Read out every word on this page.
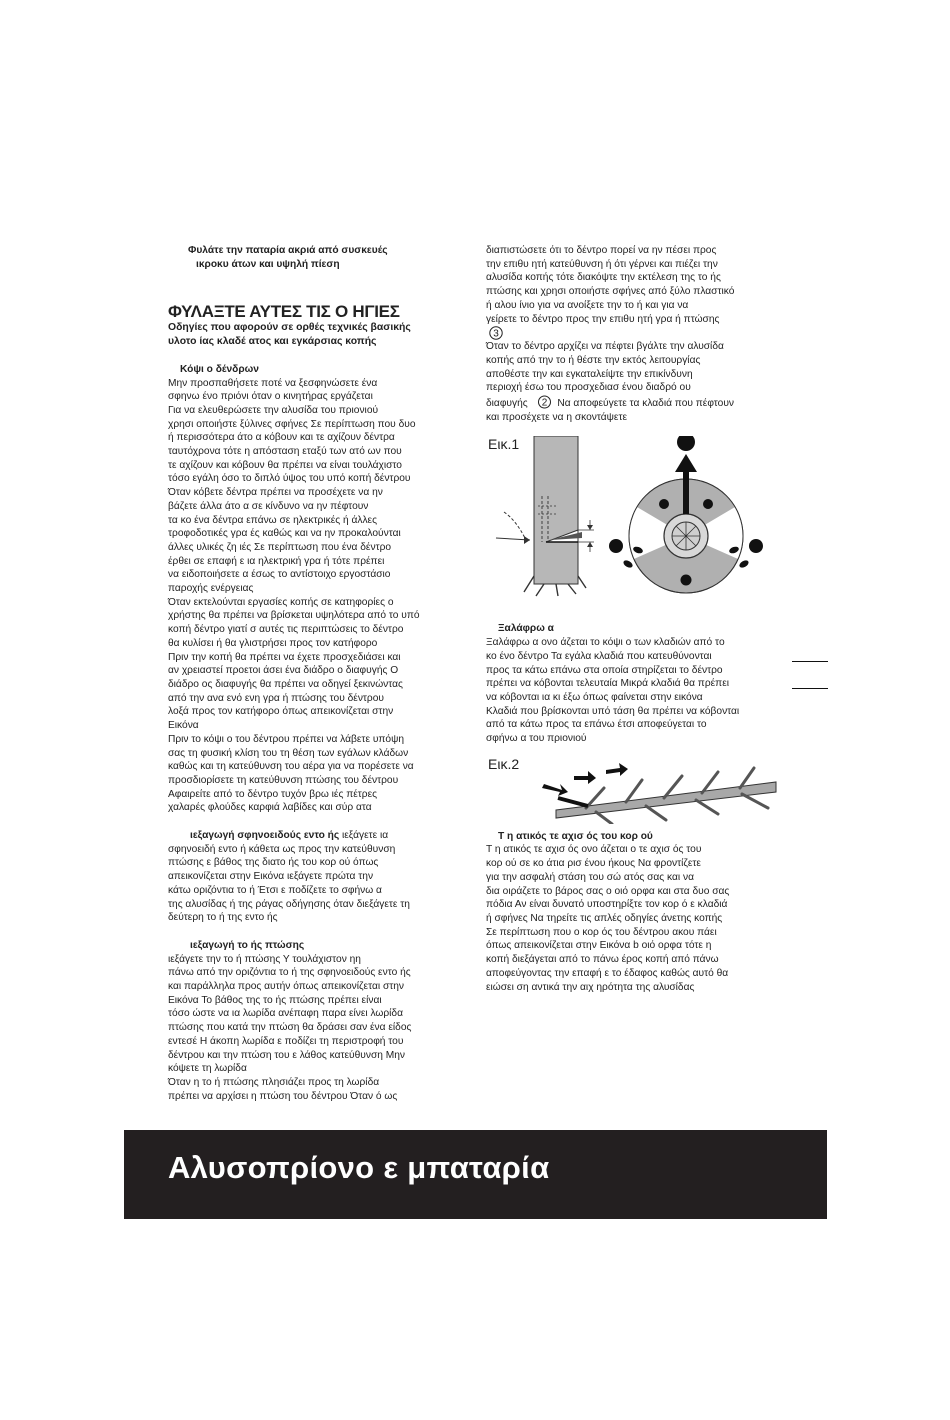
Φυλάτε την παταρία ακριά από συσκευές
ικροκυ άτων και υψηλή πίεση
ΦΥΛΑΞΤΕ ΑΥΤΕΣ ΤΙΣ Ο ΗΓΙΕΣ
Οδηγίες που αφορούν σε ορθές τεχνικές βασικής
υλοτο ίας κλαδέ ατος και εγκάρσιας κοπής
Κόψι ο δένδρων
Μην προσπαθήσετε ποτέ να ξεσφηνώσετε ένα
σφηνω ένο πριόνι όταν ο κινητήρας εργάζεται
Για να ελευθερώσετε την αλυσίδα του πριονιού
χρησι οποιήστε ξύλινες σφήνες Σε περίπτωση που δυο
ή περισσότερα άτο α κόβουν και τε αχίζουν δέντρα
ταυτόχρονα τότε η απόσταση εταξύ των ατό ων που
τε αχίζουν και κόβουν θα πρέπει να είναι τουλάχιστο
τόσο εγάλη όσο το διπλό ύψος του υπό κοπή δέντρου
Όταν κόβετε δέντρα πρέπει να προσέχετε να ην
βάζετε άλλα άτο α σε κίνδυνο να ην πέφτουν
τα κο ένα δέντρα επάνω σε ηλεκτρικές ή άλλες
τροφοδοτικές γρα ές καθώς και να ην προκαλούνται
άλλες υλικές ζη ιές Σε περίπτωση που ένα δέντρο
έρθει σε επαφή ε ια ηλεκτρική γρα ή τότε πρέπει
να ειδοποιήσετε α έσως το αντίστοιχο εργοστάσιο
παροχής ενέργειας
Όταν εκτελούνται εργασίες κοπής σε κατηφορίες ο
χρήστης θα πρέπει να βρίσκεται υψηλότερα από το υπό
κοπή δέντρο γιατί σ αυτές τις περιπτώσεις το δέντρο
θα κυλίσει ή θα γλιστρήσει προς τον κατήφορο
Πριν την κοπή θα πρέπει να έχετε προσχεδιάσει και
αν χρειαστεί προετοι άσει ένα διάδρο ο διαφυγής Ο
διάδρο ος διαφυγής θα πρέπει να οδηγεί ξεκινώντας
από την ανα ενό ενη γρα ή πτώσης του δέντρου
λοξά προς τον κατήφορο όπως απεικονίζεται στην
Εικόνα
Πριν το κόψι ο του δέντρου πρέπει να λάβετε υπόψη
σας τη φυσική κλίση του τη θέση των εγάλων κλάδων
καθώς και τη κατεύθυνση του αέρα για να πορέσετε να
προσδιορίσετε τη κατεύθυνση πτώσης του δέντρου
Αφαιρείτε από το δέντρο τυχόν βρω ιές πέτρες
χαλαρές φλούδες καρφιά λαβίδες και σύρ ατα
ιεξαγωγή σφηνοειδούς εντο ής ιεξάγετε ια
σφηνοειδή εντο ή κάθετα ως προς την κατεύθυνση
πτώσης ε βάθος της διατο ής του κορ ού όπως
απεικονίζεται στην Εικόνα ιεξάγετε πρώτα την
κάτω οριζόντια το ή Έτσι ε ποδίζετε το σφήνω α
της αλυσίδας ή της ράγας οδήγησης όταν διεξάγετε τη
δεύτερη το ή της εντο ής
ιεξαγωγή το ής πτώσης
ιεξάγετε την το ή πτώσης Υ τουλάχιστον ηη
πάνω από την οριζόντια το ή της σφηνοειδούς εντο ής
και παράλληλα προς αυτήν όπως απεικονίζεται στην
Εικόνα Το βάθος της το ής πτώσης πρέπει είναι
τόσο ώστε να ια λωρίδα ανέπαφη παρα είνει λωρίδα
πτώσης που κατά την πτώση θα δράσει σαν ένα είδος
εντεσέ Η άκοπη λωρίδα ε ποδίζει τη περιστροφή του
δέντρου και την πτώση του ε λάθος κατεύθυνση Μην
κόψετε τη λωρίδα
Όταν η το ή πτώσης πλησιάζει προς τη λωρίδα
πρέπει να αρχίσει η πτώση του δέντρου Όταν ό ως
διαπιστώσετε ότι το δέντρο πορεί να ην πέσει προς
την επιθυ ητή κατεύθυνση ή ότι γέρνει και πιέζει την
αλυσίδα κοπής τότε διακόψτε την εκτέλεση της το ής
πτώσης και χρησι οποιήστε σφήνες από ξύλο πλαστικό
ή αλου ίνιο για να ανοίξετε την το ή και για να
γείρετε το δέντρο προς την επιθυ ητή γρα ή πτώσης
3
Όταν το δέντρο αρχίζει να πέφτει βγάλτε την αλυσίδα
κοπής από την το ή θέστε την εκτός λειτουργίας
αποθέστε την και εγκαταλείψτε την επικίνδυνη
περιοχή έσω του προσχεδιασ ένου διαδρό ου
διαφυγής 2 Να αποφεύγετε τα κλαδιά που πέφτουν
και προσέχετε να η σκοντάψετε
Εικ.1
Ξαλάφρω α
Ξαλάφρω α ονο άζεται το κόψι ο των κλαδιών από το
κο ένο δέντρο Τα εγάλα κλαδιά που κατευθύνονται
προς τα κάτω επάνω στα οποία στηρίζεται το δέντρο
πρέπει να κόβονται τελευταία Μικρά κλαδιά θα πρέπει
να κόβονται ια κι έξω όπως φαίνεται στην εικόνα
Κλαδιά που βρίσκονται υπό τάση θα πρέπει να κόβονται
από τα κάτω προς τα επάνω έτσι αποφεύγεται το
σφήνω α του πριονιού
Εικ.2
Τ η ατικός τε αχισ ός του κορ ού
Τ η ατικός τε αχισ ός ονο άζεται ο τε αχισ ός του
κορ ού σε κο άτια ρισ ένου ήκους Να φροντίζετε
για την ασφαλή στάση του σώ ατός σας και να
δια οιράζετε το βάρος σας ο οιό ορφα και στα δυο σας
πόδια Αν είναι δυνατό υποστηρίξτε τον κορ ό ε κλαδιά
ή σφήνες Να τηρείτε τις απλές οδηγίες άνετης κοπής
Σε περίπτωση που ο κορ ός του δέντρου ακου πάει
όπως απεικονίζεται στην Εικόνα b οιό ορφα τότε η
κοπή διεξάγεται από το πάνω έρος κοπή από πάνω
αποφεύγοντας την επαφή ε το έδαφος καθώς αυτό θα
ειώσει ση αντικά την αιχ ηρότητα της αλυσίδας
Αλυσοπρίονο ε μπαταρία
